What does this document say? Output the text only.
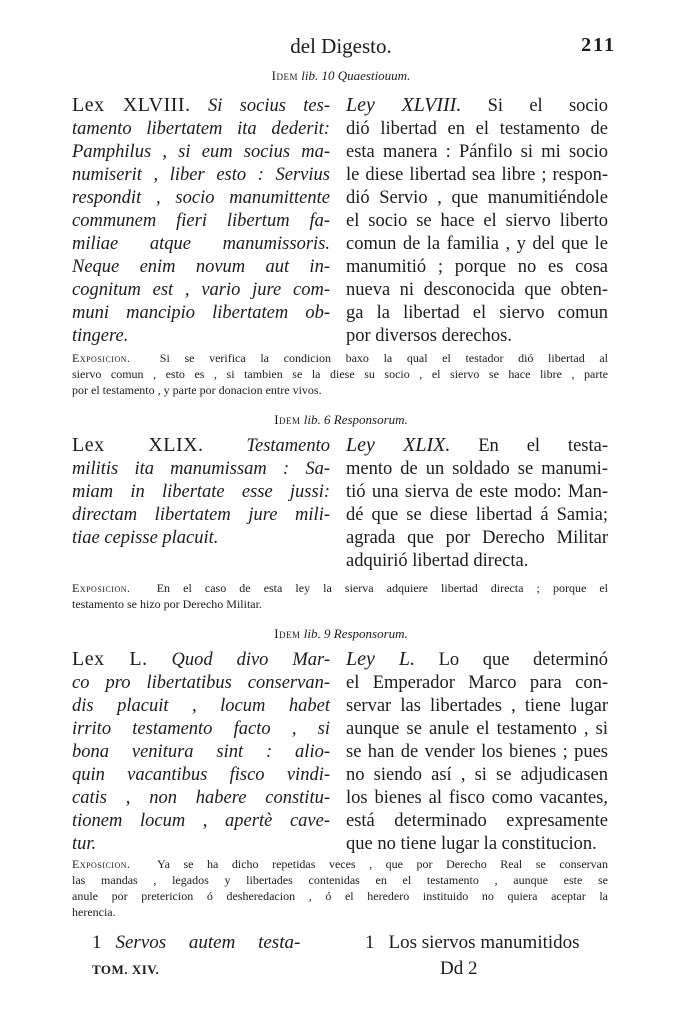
del Digesto.	211
Idem lib. 10 Quaestiouum.
Lex XLVIII. Si socius tes-
tamento libertatem ita dederit:
Pamphilus , si eum socius ma-
numiserit , liber esto : Servius
respondit , socio manumittente
communem fieri libertum fa-
miliae atque manumissoris.
Neque enim novum aut in-
cognitum est , vario jure com-
muni mancipio libertatem ob-
tingere.
Ley XLVIII. Si el socio
dió libertad en el testamento de
esta manera : Pánfilo si mi socio
le diese libertad sea libre ; respon-
dió Servio , que manumitiéndole
el socio se hace el siervo liberto
comun de la familia , y del que le
manumitió ; porque no es cosa
nueva ni desconocida que obten-
ga la libertad el siervo comun
por diversos derechos.
Exposicion. Si se verifica la condicion baxo la qual el testador dió libertad al
siervo comun , esto es , si tambien se la diese su socio , el siervo se hace libre , parte
por el testamento , y parte por donacion entre vivos.
Idem lib. 6 Responsorum.
Lex XLIX. Testamento
militis ita manumissam : Sa-
miam in libertate esse jussi:
directam libertatem jure mili-
tiae cepisse placuit.
Ley XLIX. En el testa-
mento de un soldado se manumi-
tió una sierva de este modo: Man-
dé que se diese libertad á Samia;
agrada que por Derecho Militar
adquirió libertad directa.
Exposicion. En el caso de esta ley la sierva adquiere libertad directa ; porque el
testamento se hizo por Derecho Militar.
Idem lib. 9 Responsorum.
Lex L. Quod divo Mar-
co pro libertatibus conservan-
dis placuit , locum habet
irrito testamento facto , si
bona venitura sint : alio-
quin vacantibus fisco vindi-
catis , non habere constitu-
tionem locum , apertè cave-
tur.
Ley L. Lo que determinó
el Emperador Marco para con-
servar las libertades , tiene lugar
aunque se anule el testamento , si
se han de vender los bienes ; pues
no siendo así , si se adjudicasen
los bienes al fisco como vacantes,
está determinado expresamente
que no tiene lugar la constitucion.
Exposicion. Ya se ha dicho repetidas veces , que por Derecho Real se conservan
las mandas , legados y libertades contenidas en el testamento , aunque este se
anule por pretericion ó desheredacion , ó el heredero instituido no quiera aceptar la
herencia.
1 Servos autem testa-	1 Los siervos manumitidos
TOM. XIV.	Dd 2
